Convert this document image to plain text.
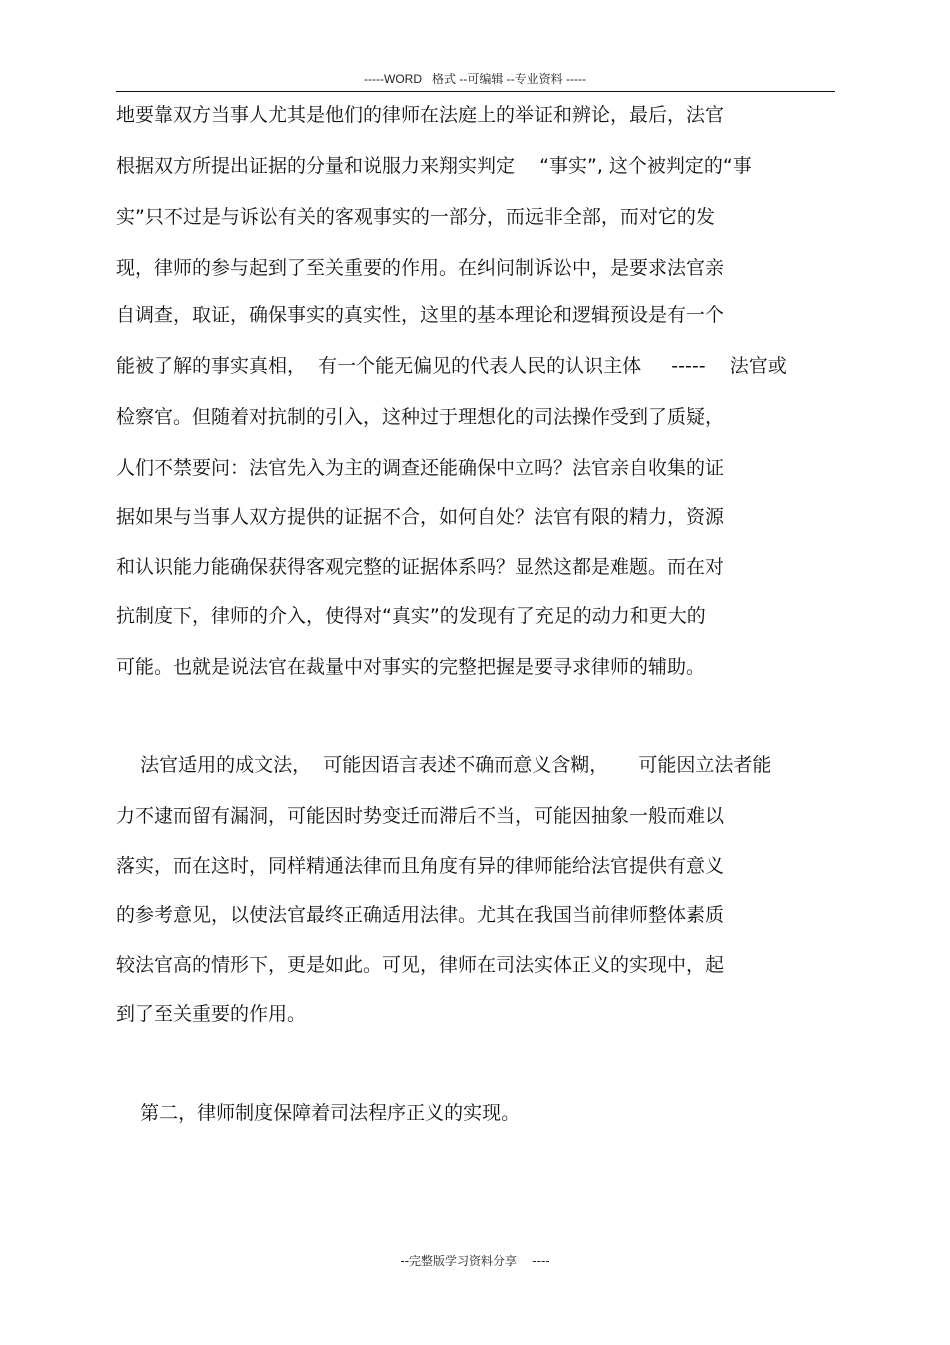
-----WORD   格式 --可编辑 --专业资料 -----
地要靠双方当事人尤其是他们的律师在法庭上的举证和辨论，最后，法官
根据双方所提出证据的分量和说服力来翔实判定    “事实”, 这个被判定的“事
实”只不过是与诉讼有关的客观事实的一部分，而远非全部，而对它的发
现，律师的参与起到了至关重要的作用。在纠问制诉讼中，是要求法官亲
自调查，取证，确保事实的真实性，这里的基本理论和逻辑预设是有一个
能被了解的事实真相，  有一个能无偏见的代表人民的认识主体     -----    法官或
检察官。但随着对抗制的引入，这种过于理想化的司法操作受到了质疑，
人们不禁要问：法官先入为主的调查还能确保中立吗？法官亲自收集的证
据如果与当事人双方提供的证据不合，如何自处？法官有限的精力，资源
和认识能力能确保获得客观完整的证据体系吗？显然这都是难题。而在对
抗制度下，律师的介入，使得对“真实”的发现有了充足的动力和更大的
可能。也就是说法官在裁量中对事实的完整把握是要寻求律师的辅助。
法官适用的成文法，  可能因语言表述不确而意义含糊，     可能因立法者能
力不逮而留有漏洞，可能因时势变迁而滞后不当，可能因抽象一般而难以
落实，而在这时，同样精通法律而且角度有异的律师能给法官提供有意义
的参考意见，以使法官最终正确适用法律。尤其在我国当前律师整体素质
较法官高的情形下，更是如此。可见，律师在司法实体正义的实现中，起
到了至关重要的作用。
第二，律师制度保障着司法程序正义的实现。
--完整版学习资料分享    ----
